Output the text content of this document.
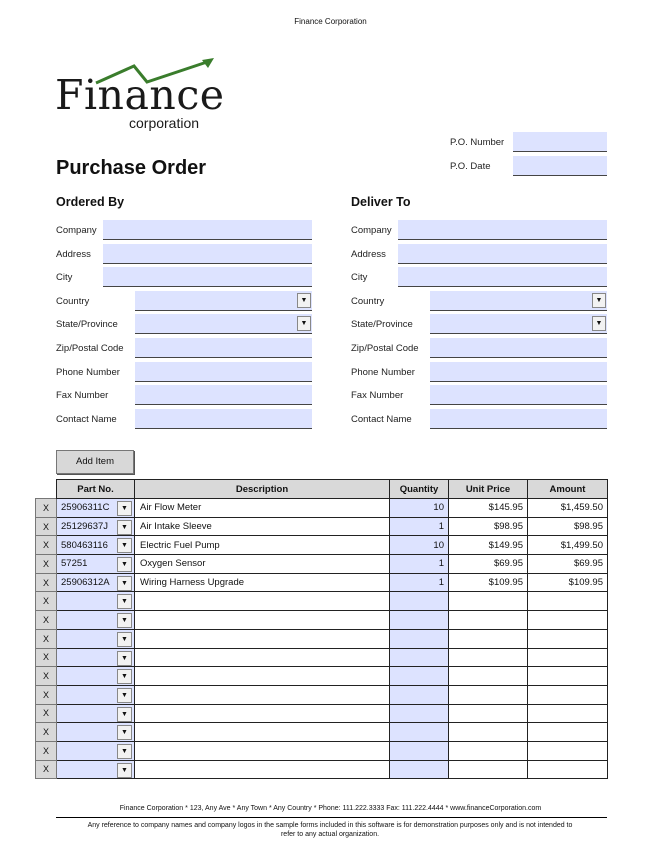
Finance Corporation
Finance
corporation
P.O. Number
P.O. Date
Purchase Order
Ordered By	Deliver To
Company
Address
City
Country	▼
State/Province	▼
Zip/Postal Code
Phone Number
Fax Number
Contact Name
Company
Address
City
Country	▼
State/Province	▼
Zip/Postal Code
Phone Number
Fax Number
Contact Name
Add Item
	Part No.	Description	Quantity	Unit Price	Amount
X	25906311C ▼	Air Flow Meter	10	$145.95	$1,459.50
X	25129637J ▼	Air Intake Sleeve	1	$98.95	$98.95
X	580463116 ▼	Electric Fuel Pump	10	$149.95	$1,499.50
X	57251 ▼	Oxygen Sensor	1	$69.95	$69.95
X	25906312A ▼	Wiring Harness Upgrade	1	$109.95	$109.95
X	▼				

X	▼				

X	▼				

X	▼				

X	▼				

X	▼				

X	▼				

X	▼				

X	▼				

X	▼				

Finance Corporation * 123, Any Ave * Any Town * Any Country * Phone: 111.222.3333 Fax: 111.222.4444 * www.financeCorporation.com
Any reference to company names and company logos in the sample forms included in this software is for demonstration purposes only and is not intended to refer to any actual organization.
